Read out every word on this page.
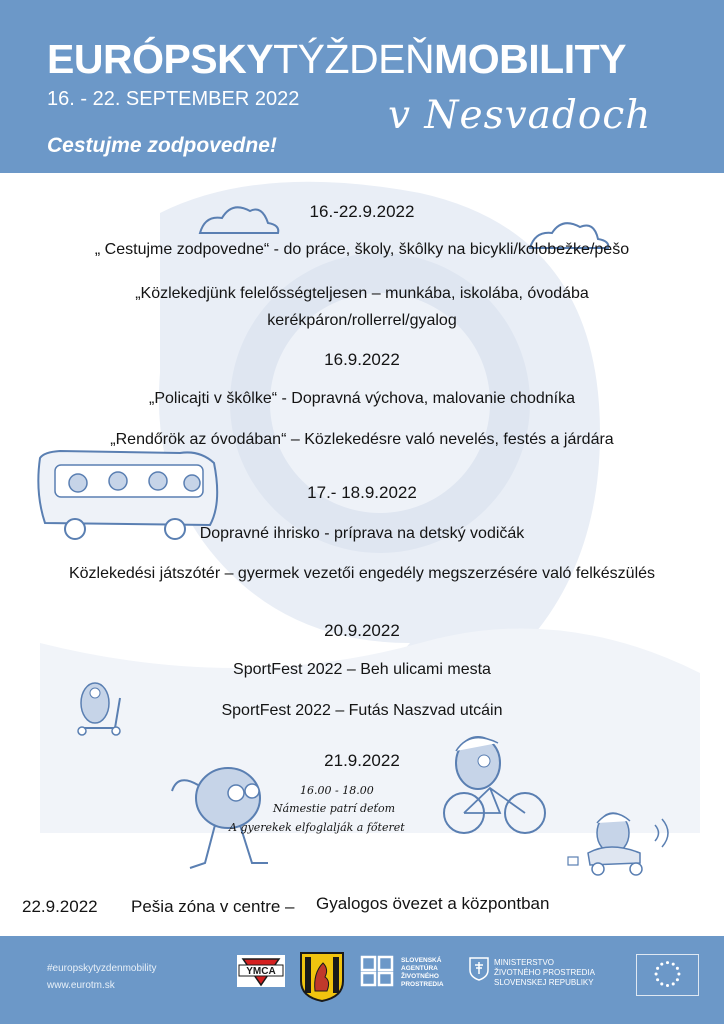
EURÓPSKYTÝŽDEŇMOBILITY
16. - 22. SEPTEMBER 2022 v Nesvadoch
Cestujme zodpovedne!
16.-22.9.2022
„ Cestujme zodpovedne“ - do práce, školy, škôlky na bicykli/kolobežke/pešo
„Közlekedjünk felelősségteljesen – munkába, iskolába, óvodába
kerékpáron/rollerrel/gyalog
16.9.2022
„Policajti v škôlke“ - Dopravná výchova, malovanie chodníka
„Rendőrök az óvodában“ – Közlekedésre való nevelés, festés a járdára
17.- 18.9.2022
Dopravné ihrisko - príprava na detský vodičák
Közlekedési játszótér – gyermek vezetői engedély megszerzésére való felkészülés
20.9.2022
SportFest 2022 – Beh ulicami mesta
SportFest 2022 – Futás Naszvad utcáin
21.9.2022
16.00 - 18.00
Námestie patrí deťom
A gyerekek elfoglalják a főteret
22.9.2022 Pešia zóna v centre – Gyalogos övezet a központban
#europskytyzdenmobility
www.eurotm.sk
YMCA
SLOVENSKÁ
AGENTÚRA
ŽIVOTNÉHO
PROSTREDIA
MINISTERSTVO
ŽIVOTNÉHO PROSTREDIA
SLOVENSKEJ REPUBLIKY
